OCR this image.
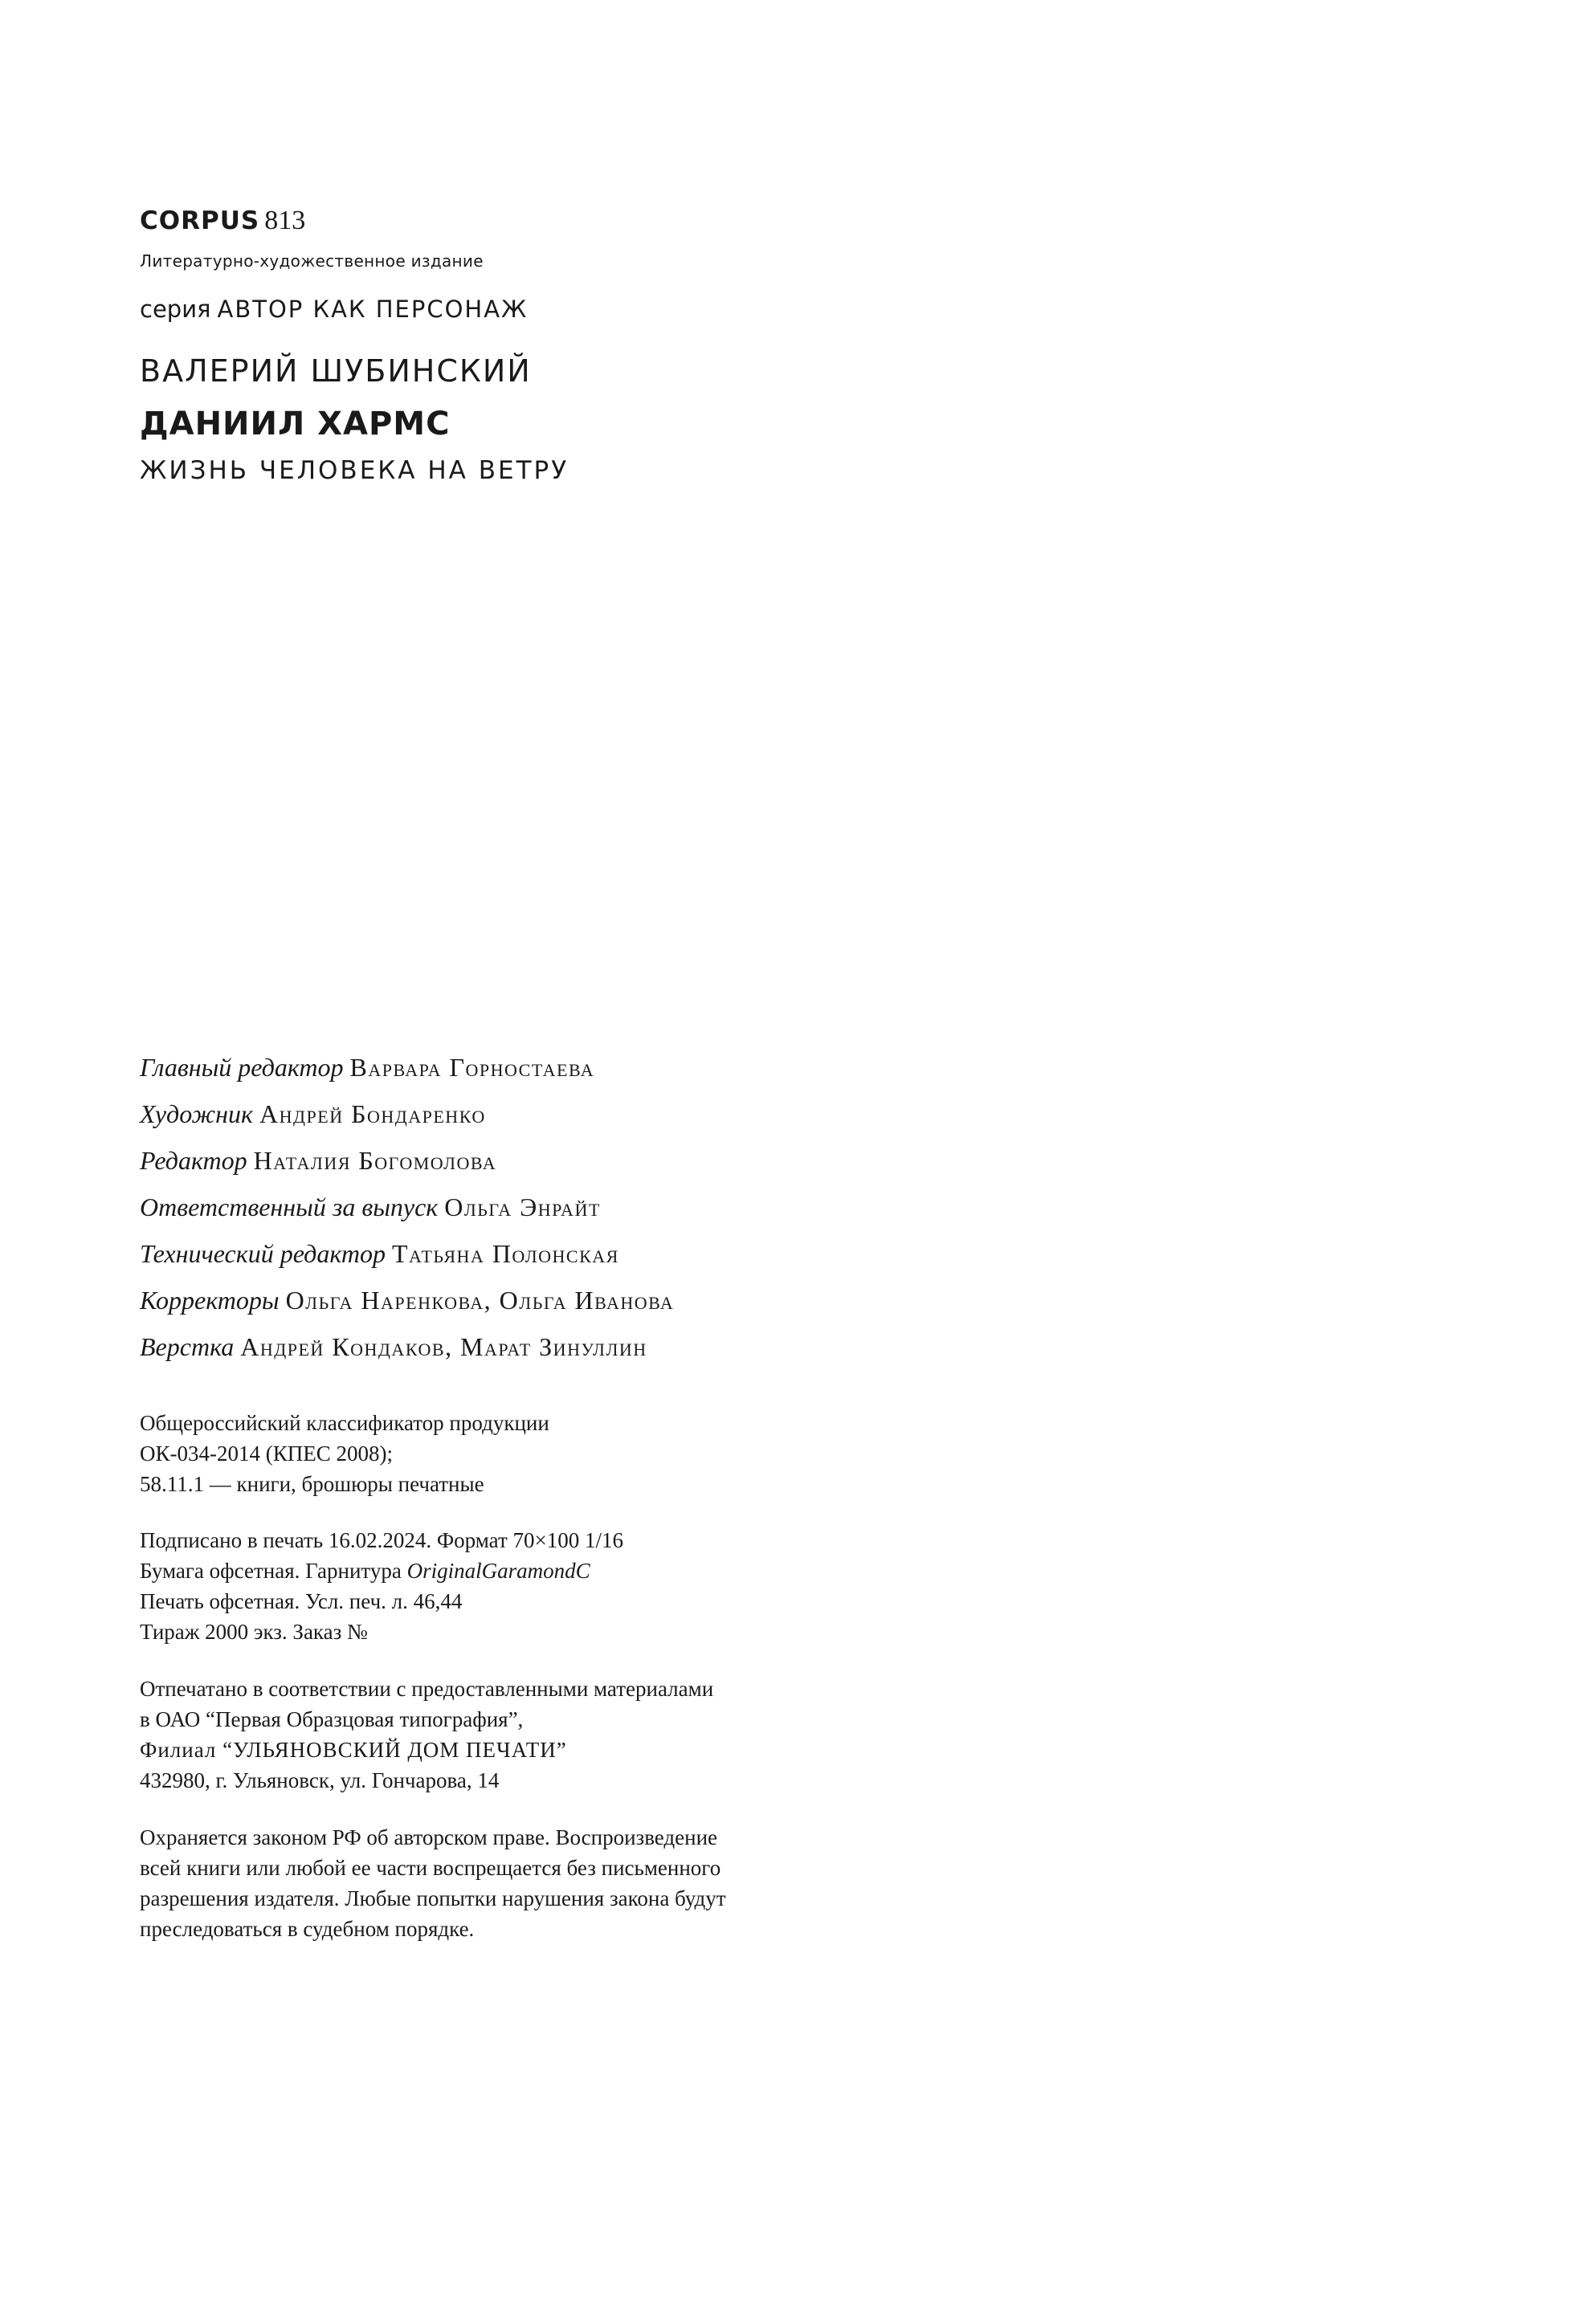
CORPUS 813
Литературно-художественное издание
серия АВТОР КАК ПЕРСОНАЖ
ВАЛЕРИЙ ШУБИНСКИЙ
ДАНИИЛ ХАРМС
ЖИЗНЬ ЧЕЛОВЕКА НА ВЕТРУ
Главный редактор Варвара Горностаева
Художник Андрей Бондаренко
Редактор Наталия Богомолова
Ответственный за выпуск Ольга Энрайт
Технический редактор Татьяна Полонская
Корректоры Ольга Наренкова, Ольга Иванова
Верстка Андрей Кондаков, Марат Зинуллин

Общероссийский классификатор продукции

ОК-034-2014 (КПЕС 2008);

58.11.1 — книги, брошюры печатные

Подписано в печать 16.02.2024. Формат 70×100 1/16

Бумага офсетная. Гарнитура OriginalGaramondC

Печать офсетная. Усл. печ. л. 46,44

Тираж 2000 экз. Заказ №

Отпечатано в соответствии с предоставленными материалами

в ОАО “Первая Образцовая типография”,

Филиал “УЛЬЯНОВСКИЙ ДОМ ПЕЧАТИ”

432980, г. Ульяновск, ул. Гончарова, 14

Охраняется законом РФ об авторском праве. Воспроизведение

всей книги или любой ее части воспрещается без письменного

разрешения издателя. Любые попытки нарушения закона будут

преследоваться в судебном порядке.
